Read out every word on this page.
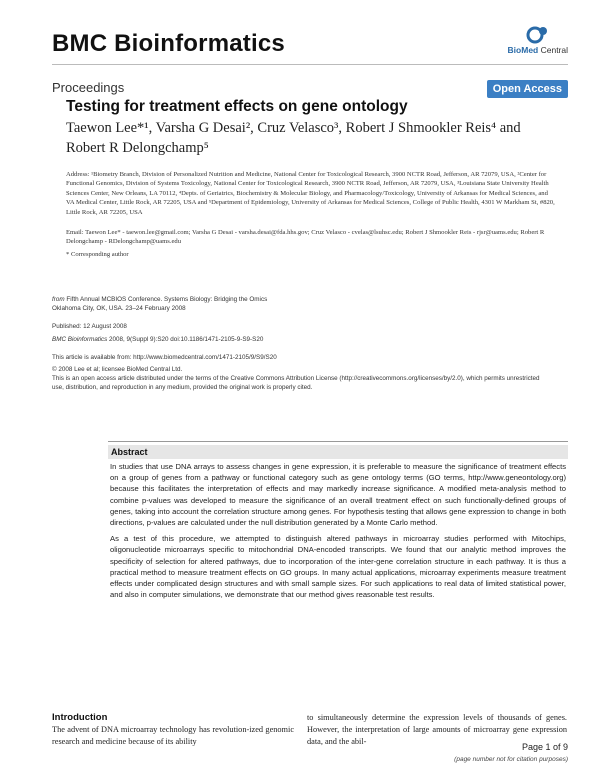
BMC Bioinformatics	BioMed Central
Proceedings	Open Access
Testing for treatment effects on gene ontology
Taewon Lee*¹, Varsha G Desai², Cruz Velasco³, Robert J Shmookler Reis⁴ and
Robert R Delongchamp⁵
Address: ¹Biometry Branch, Division of Personalized Nutrition and Medicine, National Center for Toxicological Research, 3900 NCTR Road, Jefferson, AR 72079, USA, ²Center for Functional Genomics, Division of Systems Toxicology, National Center for Toxicological Research, 3900 NCTR Road, Jefferson, AR 72079, USA, ³Louisiana State University Health Sciences Center, New Orleans, LA 70112, ⁴Depts. of Geriatrics, Biochemistry & Molecular Biology, and Pharmacology/Toxicology, University of Arkansas for Medical Sciences, and VA Medical Center, Little Rock, AR 72205, USA and ⁵Department of Epidemiology, University of Arkansas for Medical Sciences, College of Public Health, 4301 W Markham St, #820, Little Rock, AR 72205, USA
Email: Taewon Lee* - taewon.lee@gmail.com; Varsha G Desai - varsha.desai@fda.hhs.gov; Cruz Velasco - cvelas@lsuhsc.edu; Robert J Shmookler Reis - rjsr@uams.edu; Robert R Delongchamp - RDelongchamp@uams.edu
* Corresponding author
from Fifth Annual MCBIOS Conference. Systems Biology: Bridging the Omics
Oklahoma City, OK, USA. 23–24 February 2008
Published: 12 August 2008
BMC Bioinformatics 2008, 9(Suppl 9):S20 doi:10.1186/1471-2105-9-S9-S20
This article is available from: http://www.biomedcentral.com/1471-2105/9/S9/S20
© 2008 Lee et al; licensee BioMed Central Ltd.
This is an open access article distributed under the terms of the Creative Commons Attribution License (http://creativecommons.org/licenses/by/2.0), which permits unrestricted use, distribution, and reproduction in any medium, provided the original work is properly cited.
Abstract

In studies that use DNA arrays to assess changes in gene expression, it is preferable to measure the significance of treatment effects on a group of genes from a pathway or functional category such as gene ontology terms (GO terms, http://www.geneontology.org) because this facilitates the interpretation of effects and may markedly increase significance. A modified meta-analysis method to combine p-values was developed to measure the significance of an overall treatment effect on such functionally-defined groups of genes, taking into account the correlation structure among genes. For hypothesis testing that allows gene expression to change in both directions, p-values are calculated under the null distribution generated by a Monte Carlo method.

As a test of this procedure, we attempted to distinguish altered pathways in microarray studies performed with Mitochips, oligonucleotide microarrays specific to mitochondrial DNA-encoded transcripts. We found that our analytic method improves the specificity of selection for altered pathways, due to incorporation of the inter-gene correlation structure in each pathway. It is thus a practical method to measure treatment effects on GO groups. In many actual applications, microarray experiments measure treatment effects under complicated design structures and with small sample sizes. For such applications to real data of limited statistical power, and also in computer simulations, we demonstrate that our method gives reasonable test results.

Introduction
The advent of DNA microarray technology has revolution-ized genomic research and medicine because of its ability
to simultaneously determine the expression levels of thousands of genes. However, the interpretation of large amounts of microarray gene expression data, and the abil-
Page 1 of 9
(page number not for citation purposes)
